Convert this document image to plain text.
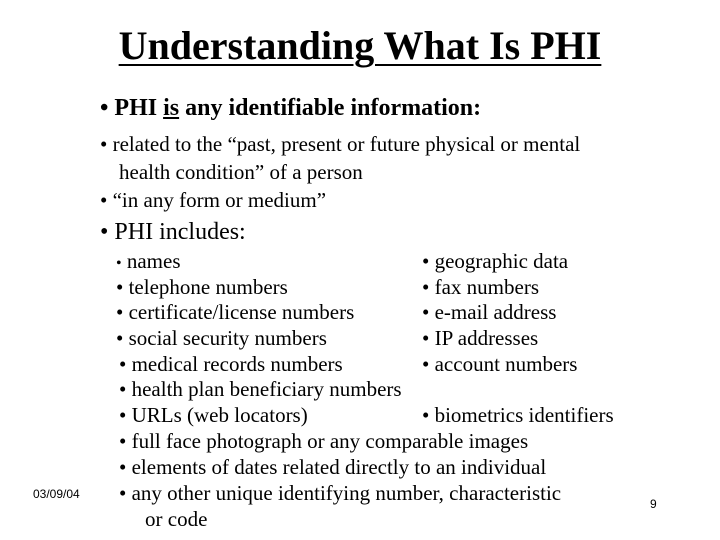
Understanding What Is PHI
• PHI is any identifiable information:
• related to the “past, present or future physical or mental
health condition” of a person
• “in any form or medium”
• PHI includes:
• names
• telephone numbers
• certificate/license numbers
• social security numbers
• medical records numbers
• health plan beneficiary numbers
• URLs (web locators)
• full face photograph or any comparable images
• elements of dates related directly to an individual
• any other unique identifying number, characteristic
or code
• geographic data
• fax numbers
• e-mail address
• IP addresses
• account numbers
• biometrics identifiers
03/09/04
9
